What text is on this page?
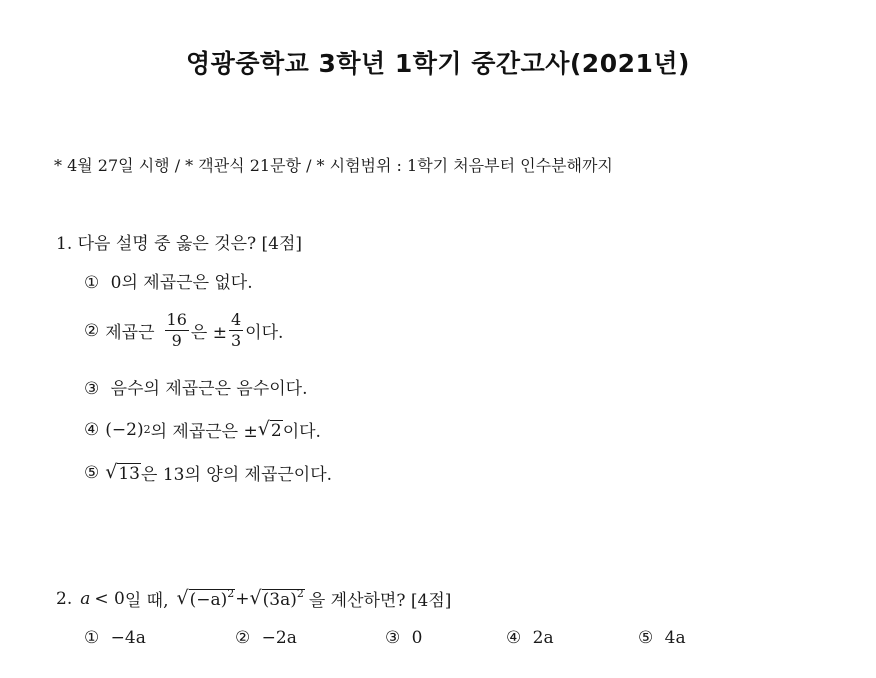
영광중학교 3학년 1학기 중간고사(2021년)
* 4월 27일 시행 / * 객관식 21문항 / * 시험범위 : 1학기 처음부터 인수분해까지
1. 다음 설명 중 옳은 것은? [4점]
① 0의 제곱근은 없다.
② 제곱근 $\frac{16}{9}$ 은 ± $\frac{4}{3}$ 이다.
③ 음수의 제곱근은 음수이다.
④ (−2) 2 의 제곱근은 ± √ 2 이다.
⑤ √ 13 은 13의 양의 제곱근이다.
2. a < 0 일 때, √ $(-a)^2$ + √ $(3a)^2$ 을 계산하면? [4점]
① −4a	② −2a	③ 0	④ 2a	⑤ 4a
